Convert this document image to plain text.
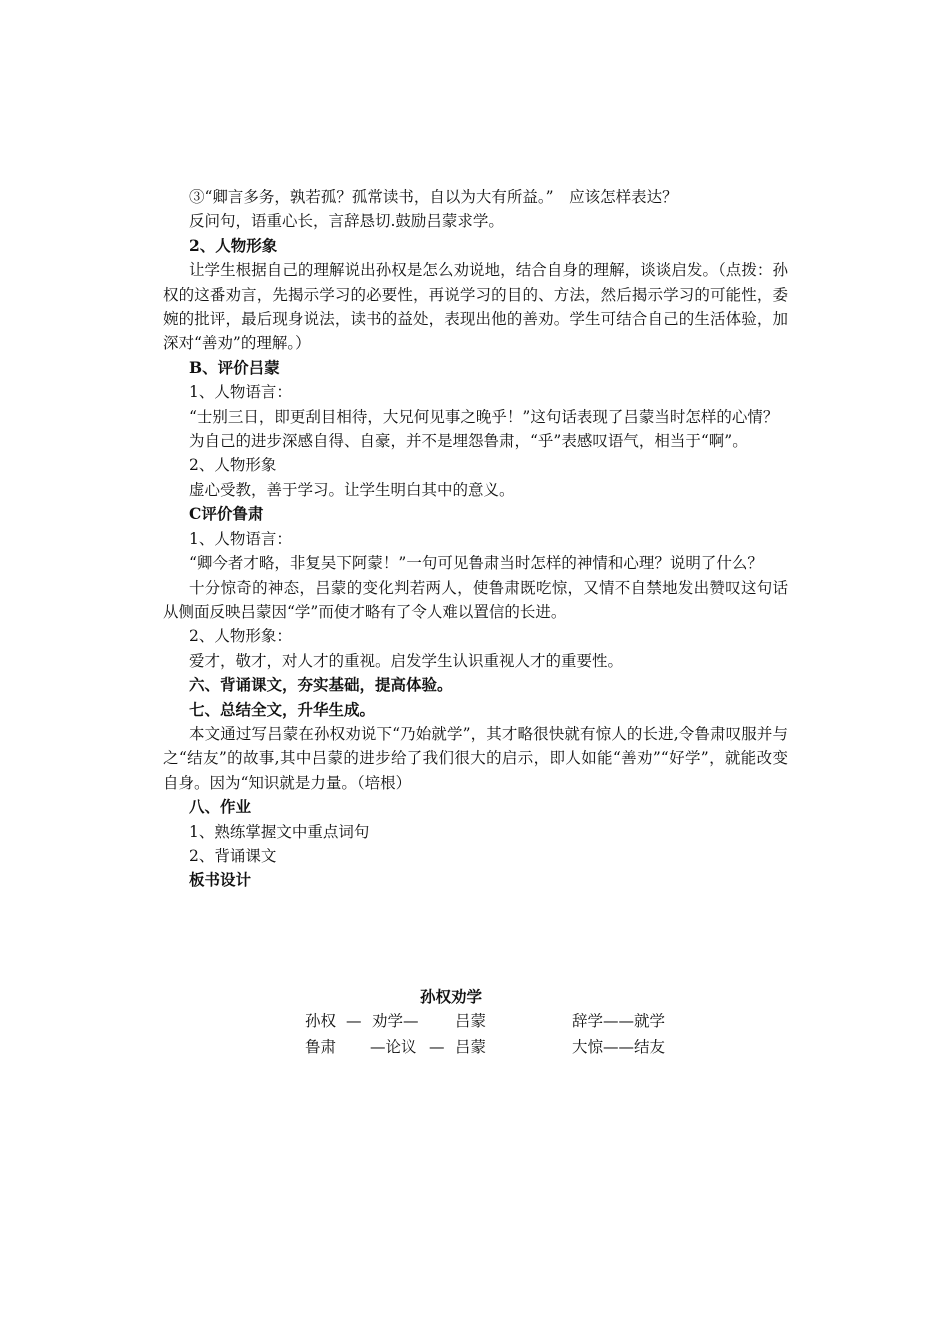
③“卿言多务，孰若孤？孤常读书，自以为大有所益。”　应该怎样表达？

反问句，语重心长，言辞恳切.鼓励吕蒙求学。

2、人物形象

让学生根据自己的理解说出孙权是怎么劝说地，结合自身的理解，谈谈启发。（点拨：孙权的这番劝言，先揭示学习的必要性，再说学习的目的、方法，然后揭示学习的可能性，委婉的批评，最后现身说法，读书的益处，表现出他的善劝。学生可结合自己的生活体验，加深对“善劝”的理解。）

B、评价吕蒙

1、人物语言：

“士别三日，即更刮目相待，大兄何见事之晚乎！”这句话表现了吕蒙当时怎样的心情？

为自己的进步深感自得、自豪，并不是埋怨鲁肃，“乎”表感叹语气，相当于“啊”。

2、人物形象

虚心受教，善于学习。让学生明白其中的意义。

C评价鲁肃

1、人物语言：

“卿今者才略，非复吴下阿蒙！”一句可见鲁肃当时怎样的神情和心理？说明了什么？

十分惊奇的神态，吕蒙的变化判若两人，使鲁肃既吃惊，又情不自禁地发出赞叹这句话从侧面反映吕蒙因“学”而使才略有了令人难以置信的长进。

2、人物形象：

爱才，敬才，对人才的重视。启发学生认识重视人才的重要性。

六、背诵课文，夯实基础，提高体验。

七、总结全文，升华生成。

本文通过写吕蒙在孙权劝说下“乃始就学”，其才略很快就有惊人的长进,令鲁肃叹服并与之“结友”的故事,其中吕蒙的进步给了我们很大的启示，即人如能“善劝”“好学”，就能改变自身。因为“知识就是力量。（培根）

八、作业

1、熟练掌握文中重点词句

2、背诵课文

板书设计

孙权劝学
孙权 — 劝学— 吕蒙	辞学——就学
鲁肃 —论议 — 吕蒙	大惊——结友
